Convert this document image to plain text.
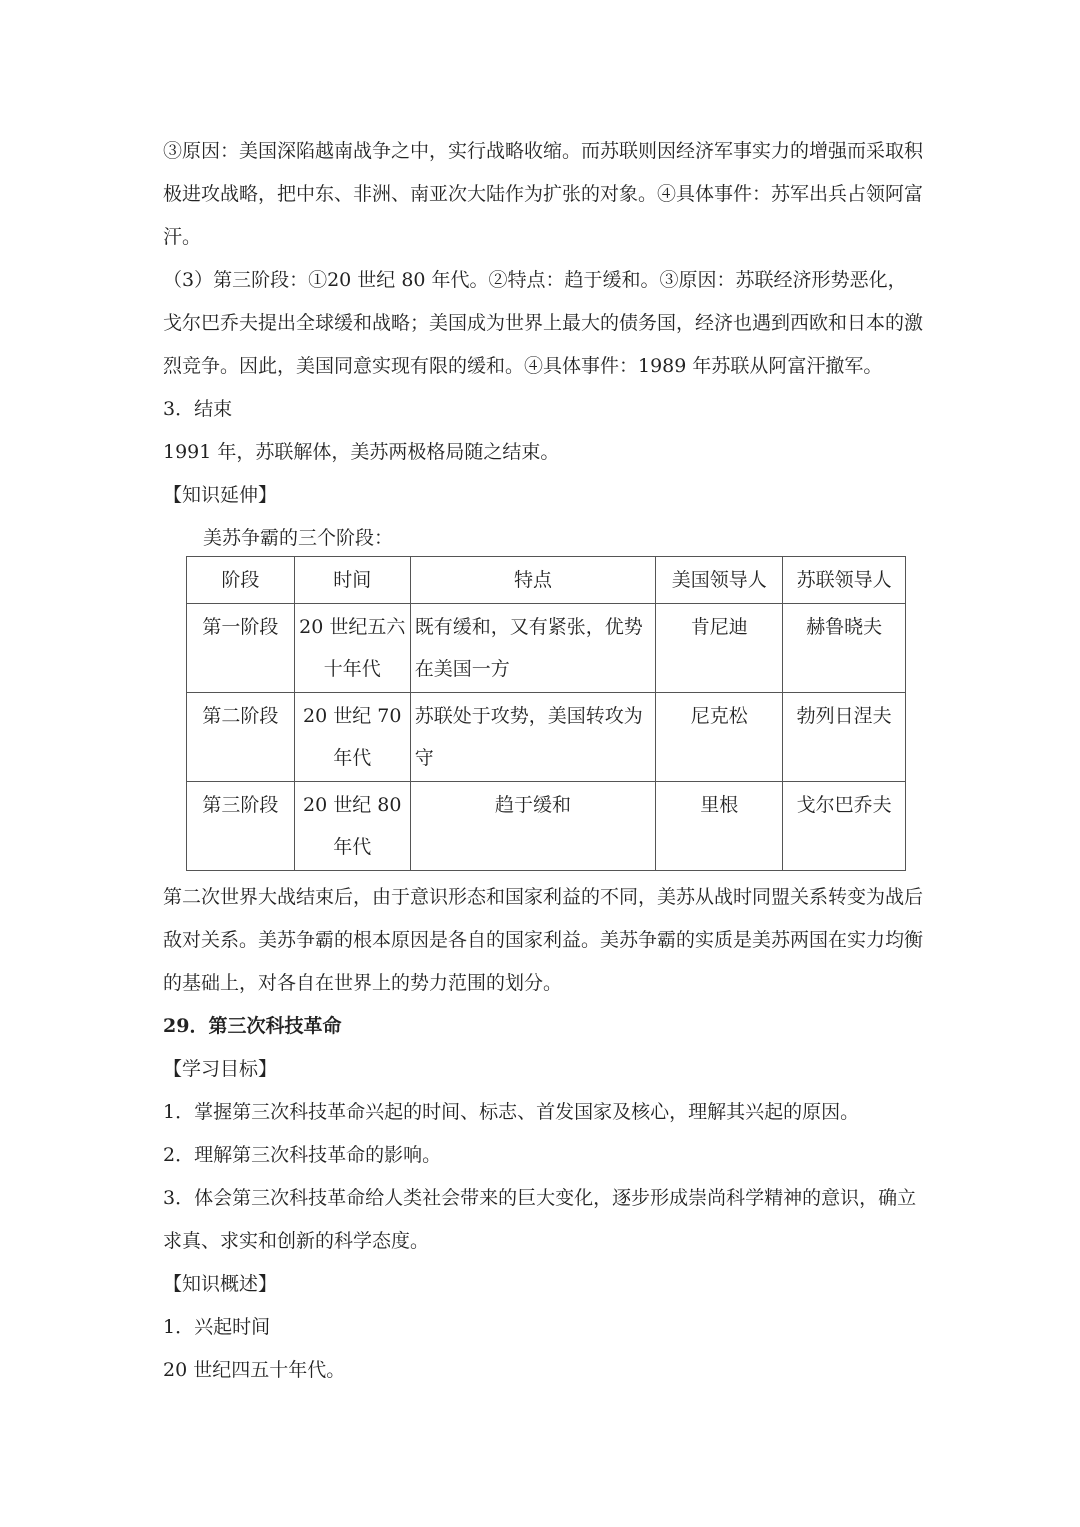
③原因：美国深陷越南战争之中，实行战略收缩。而苏联则因经济军事实力的增强而采取积极进攻战略，把中东、非洲、南亚次大陆作为扩张的对象。④具体事件：苏军出兵占领阿富汗。

（3）第三阶段：①20 世纪 80 年代。②特点：趋于缓和。③原因：苏联经济形势恶化，戈尔巴乔夫提出全球缓和战略；美国成为世界上最大的债务国，经济也遇到西欧和日本的激烈竞争。因此，美国同意实现有限的缓和。④具体事件：1989 年苏联从阿富汗撤军。

3．结束

1991 年，苏联解体，美苏两极格局随之结束。

【知识延伸】

美苏争霸的三个阶段：

阶段	时间	特点	美国领导人	苏联领导人
第一阶段	20 世纪五六十年代	既有缓和，又有紧张，优势在美国一方	肯尼迪	赫鲁晓夫
第二阶段	20 世纪 70 年代	苏联处于攻势，美国转攻为守	尼克松	勃列日涅夫
第三阶段	20 世纪 80 年代	趋于缓和	里根	戈尔巴乔夫

第二次世界大战结束后，由于意识形态和国家利益的不同，美苏从战时同盟关系转变为战后敌对关系。美苏争霸的根本原因是各自的国家利益。美苏争霸的实质是美苏两国在实力均衡的基础上，对各自在世界上的势力范围的划分。

29．第三次科技革命

【学习目标】

1．掌握第三次科技革命兴起的时间、标志、首发国家及核心，理解其兴起的原因。

2．理解第三次科技革命的影响。

3．体会第三次科技革命给人类社会带来的巨大变化，逐步形成崇尚科学精神的意识，确立求真、求实和创新的科学态度。

【知识概述】

1．兴起时间

20 世纪四五十年代。
